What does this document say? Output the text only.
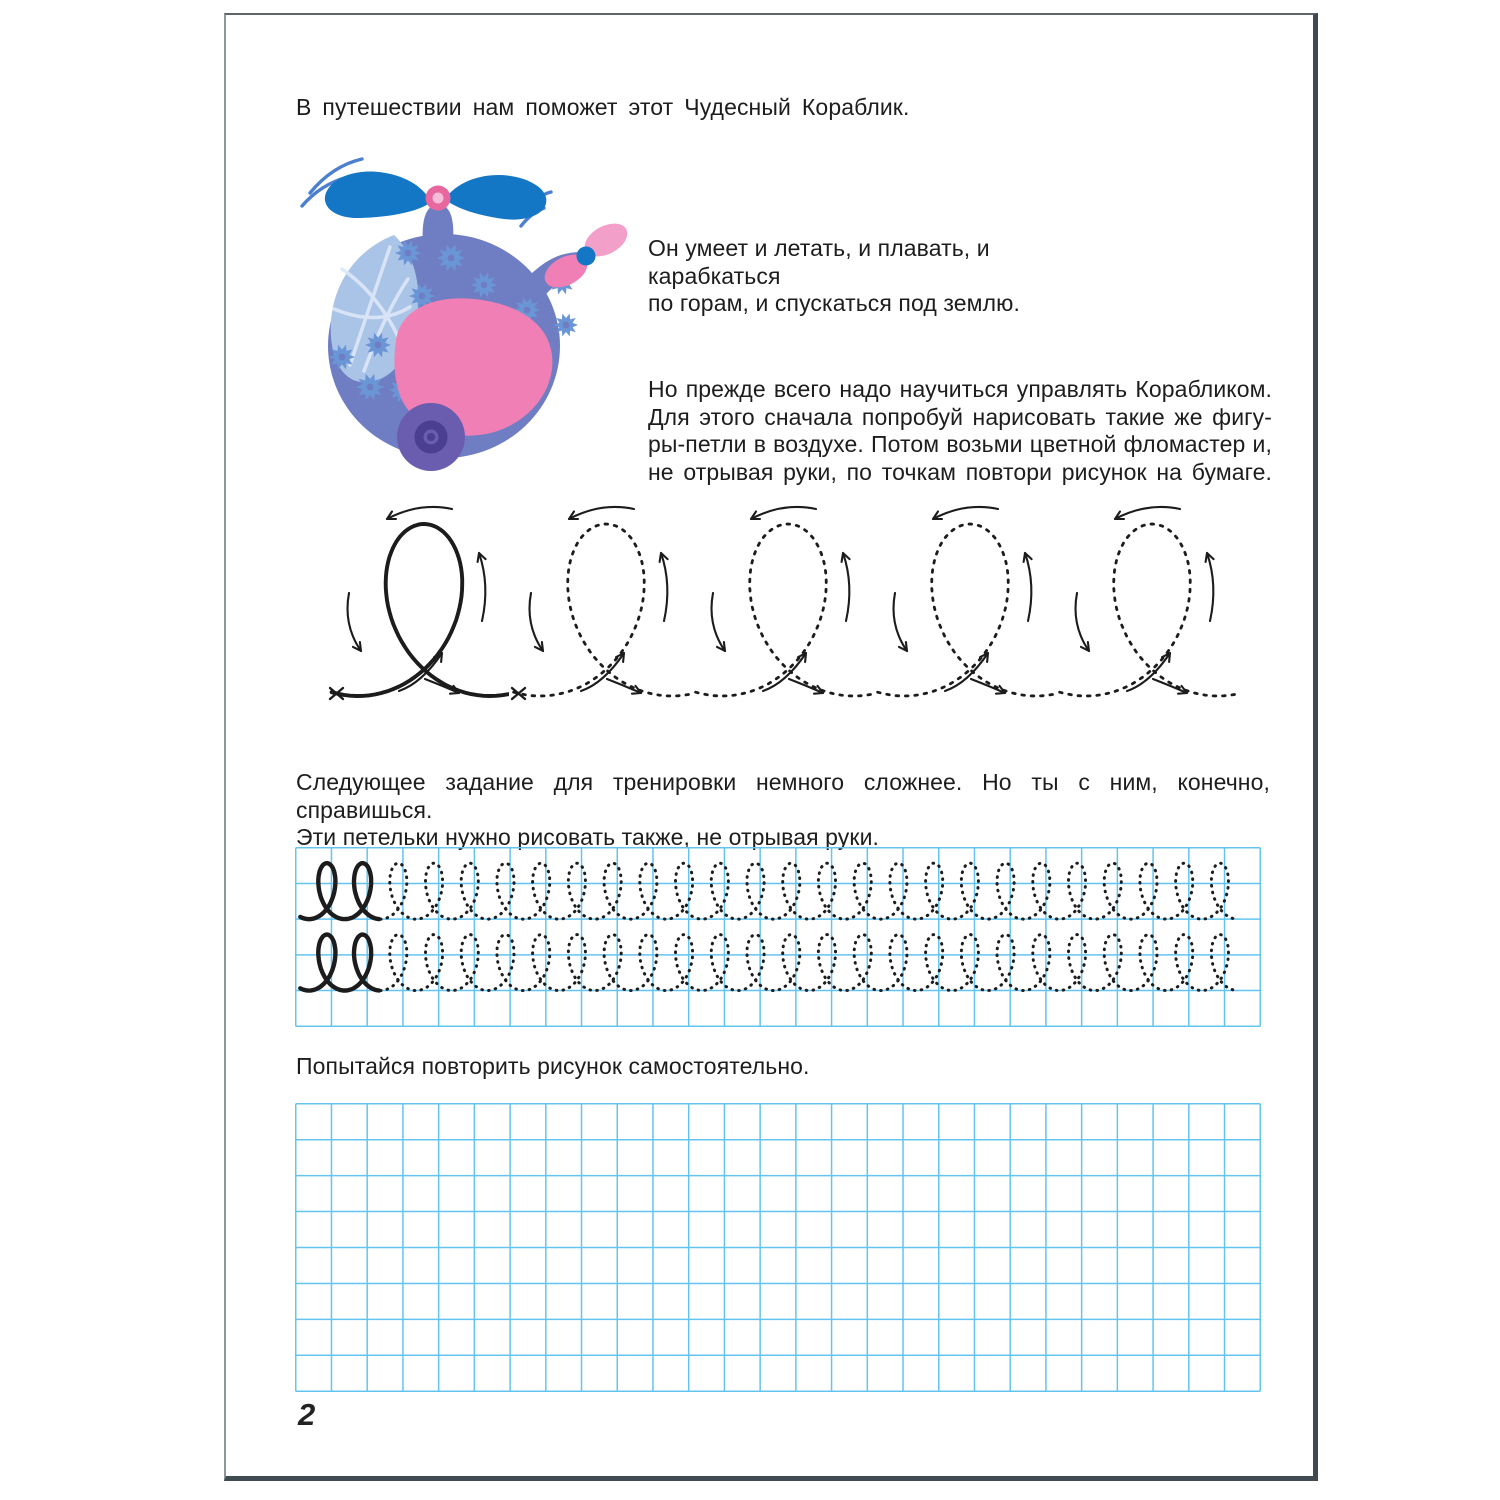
В путешествии нам поможет этот Чудесный Кораблик.
Он умеет и летать, и плавать, и карабкаться
по горам, и спускаться под землю.
Но прежде всего надо научиться управлять Корабликом.
Для этого сначала попробуй нарисовать такие же фигу-
ры-петли в воздухе. Потом возьми цветной фломастер и,
не отрывая руки, по точкам повтори рисунок на бумаге.
Следующее задание для тренировки немного сложнее. Но ты с ним, конечно, справишься.
Эти петельки нужно рисовать также, не отрывая руки.
Попытайся повторить рисунок самостоятельно.
2
